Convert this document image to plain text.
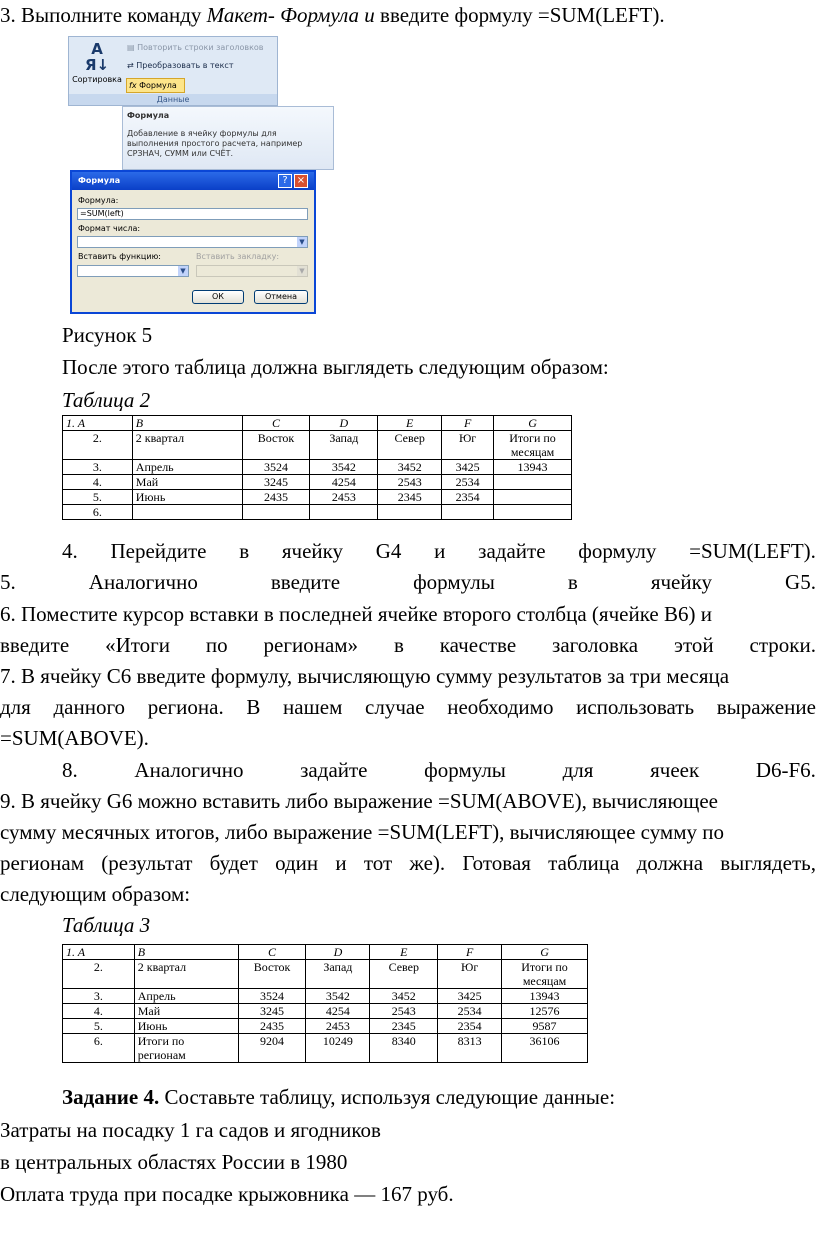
3. Выполните команду Макет- Формула и введите формулу =SUM(LEFT).
A
Я↓
Сортировка
▤ Повторить строки заголовков
⇄ Преобразовать в текст
fx Формула
Данные
Формула
Добавление в ячейку формулы для выполнения простого расчета, например СРЗНАЧ, СУММ или СЧЁТ.
Формула	? ×
Формула:
=SUM(left)
Формат числа:
▼
Вставить функцию:	Вставить закладку:
▼	▼
ОК	Отмена
Рисунок 5
После этого таблица должна выглядеть следующим образом:
Таблица 2
1. A	B	C	D	E	F	G
2.	2 квартал	Восток	Запад	Север	Юг	Итоги по месяцам
3.	Апрель	3524	3542	3452	3425	13943
4.	Май	3245	4254	2543	2534	
5.	Июнь	2435	2453	2345	2354	
6.						
4. Перейдите в ячейку G4 и задайте формулу =SUM(LEFT).
5.	Аналогично	введите	формулы	в	ячейку	G5.
6. Поместите курсор вставки в последней ячейке второго столбца (ячейке B6) и
введите «Итоги по регионам» в качестве заголовка этой строки.
7. В ячейку C6 введите формулу, вычисляющую сумму результатов за три месяца
для данного региона. В нашем случае необходимо использовать выражение
=SUM(ABOVE).
8.	Аналогично	задайте	формулы	для	ячеек	D6-F6.
9. В ячейку G6 можно вставить либо выражение =SUM(ABOVE), вычисляющее
сумму месячных итогов, либо выражение =SUM(LEFT), вычисляющее сумму по
регионам (результат будет один и тот же). Готовая таблица должна выглядеть,
следующим образом:
Таблица 3
1. A	B	C	D	E	F	G
2.	2 квартал	Восток	Запад	Север	Юг	Итоги по месяцам
3.	Апрель	3524	3542	3452	3425	13943
4.	Май	3245	4254	2543	2534	12576
5.	Июнь	2435	2453	2345	2354	9587
6.	Итоги по регионам	9204	10249	8340	8313	36106
Задание 4. Составьте таблицу, используя следующие данные:
Затраты на посадку 1 га садов и ягодников
в центральных областях России в 1980
Оплата труда при посадке крыжовника — 167 руб.
